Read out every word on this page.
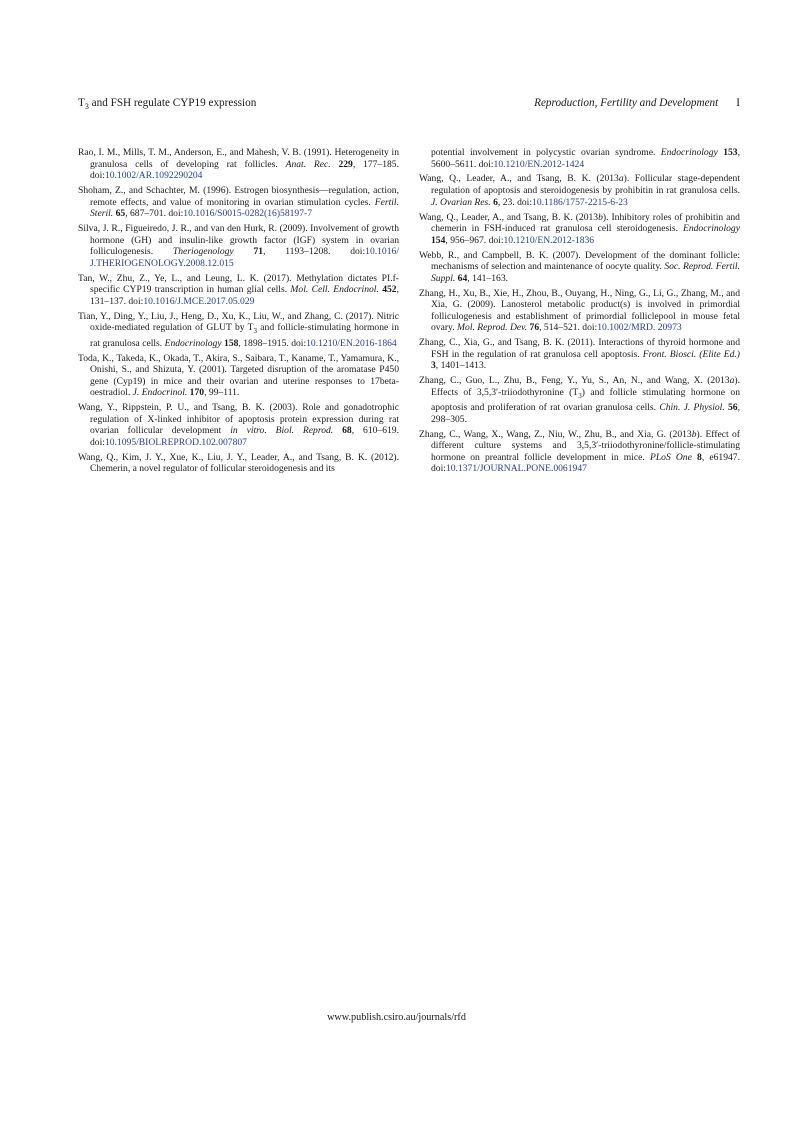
$T_3$ and FSH regulate CYP19 expression	Reproduction, Fertility and Development I

Rao, I. M., Mills, T. M., Anderson, E., and Mahesh, V. B. (1991). Heterogeneity in granulosa cells of developing rat follicles. Anat. Rec. 229, 177–185. doi:10.1002/AR.1092290204

Shoham, Z., and Schachter, M. (1996). Estrogen biosynthesis—regulation, action, remote effects, and value of monitoring in ovarian stimulation cycles. Fertil. Steril. 65, 687–701. doi:10.1016/S0015-0282(16)58197-7

Silva, J. R., Figueiredo, J. R., and van den Hurk, R. (2009). Involvement of growth hormone (GH) and insulin-like growth factor (IGF) system in ovarian folliculogenesis. Theriogenology 71, 1193–1208. doi:10.1016/ J.THERIOGENOLOGY.2008.12.015

Tan, W., Zhu, Z., Ye, L., and Leung, L. K. (2017). Methylation dictates PI.f-specific CYP19 transcription in human glial cells. Mol. Cell. Endocrinol. 452, 131–137. doi:10.1016/J.MCE.2017.05.029

Tian, Y., Ding, Y., Liu, J., Heng, D., Xu, K., Liu, W., and Zhang, C. (2017). Nitric oxide-mediated regulation of GLUT by $T_3$ and follicle-stimulating hormone in rat granulosa cells. Endocrinology 158, 1898–1915. doi:10.1210/EN.2016-1864

Toda, K., Takeda, K., Okada, T., Akira, S., Saibara, T., Kaname, T., Yamamura, K., Onishi, S., and Shizuta, Y. (2001). Targeted disruption of the aromatase P450 gene (Cyp19) in mice and their ovarian and uterine responses to 17beta-oestradiol. J. Endocrinol. 170, 99–111.

Wang, Y., Rippstein, P. U., and Tsang, B. K. (2003). Role and gonadotrophic regulation of X-linked inhibitor of apoptosis protein expression during rat ovarian follicular development in vitro. Biol. Reprod. 68, 610–619. doi:10.1095/BIOLREPROD.102.007807

Wang, Q., Kim, J. Y., Xue, K., Liu, J. Y., Leader, A., and Tsang, B. K. (2012). Chemerin, a novel regulator of follicular steroidogenesis and its

potential involvement in polycystic ovarian syndrome. Endocrinology 153, 5600–5611. doi:10.1210/EN.2012-1424

Wang, Q., Leader, A., and Tsang, B. K. (2013a). Follicular stage-dependent regulation of apoptosis and steroidogenesis by prohibitin in rat granulosa cells. J. Ovarian Res. 6, 23. doi:10.1186/1757-2215-6-23

Wang, Q., Leader, A., and Tsang, B. K. (2013b). Inhibitory roles of prohibitin and chemerin in FSH-induced rat granulosa cell steroidogenesis. Endocrinology 154, 956–967. doi:10.1210/EN.2012-1836

Webb, R., and Campbell, B. K. (2007). Development of the dominant follicle: mechanisms of selection and maintenance of oocyte quality. Soc. Reprod. Fertil. Suppl. 64, 141–163.

Zhang, H., Xu, B., Xie, H., Zhou, B., Ouyang, H., Ning, G., Li, G., Zhang, M., and Xia, G. (2009). Lanosterol metabolic product(s) is involved in primordial folliculogenesis and establishment of primordial folliclepool in mouse fetal ovary. Mol. Reprod. Dev. 76, 514–521. doi:10.1002/MRD. 20973

Zhang, C., Xia, G., and Tsang, B. K. (2011). Interactions of thyroid hormone and FSH in the regulation of rat granulosa cell apoptosis. Front. Biosci. (Elite Ed.) 3, 1401–1413.

Zhang, C., Guo, L., Zhu, B., Feng, Y., Yu, S., An, N., and Wang, X. (2013a). Effects of 3,5,3′-triiodothyronine $(T_3)$ and follicle stimulating hormone on apoptosis and proliferation of rat ovarian granulosa cells. Chin. J. Physiol. 56, 298–305.

Zhang, C., Wang, X., Wang, Z., Niu, W., Zhu, B., and Xia, G. (2013b). Effect of different culture systems and 3,5,3′-triiodothyronine/follicle-stimulating hormone on preantral follicle development in mice. PLoS One 8, e61947. doi:10.1371/JOURNAL.PONE.0061947

www.publish.csiro.au/journals/rfd
